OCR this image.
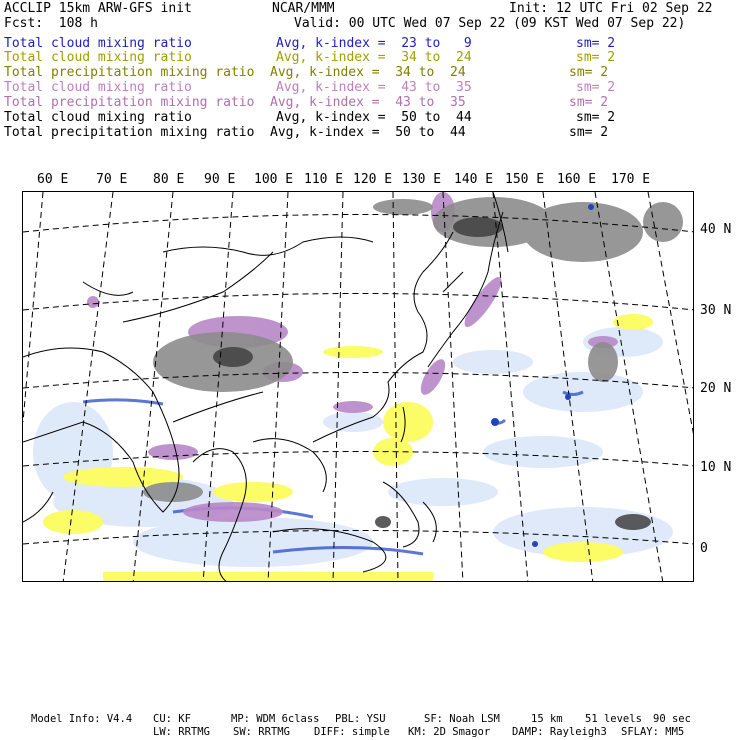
ACCLIP 15km ARW-GFS init	NCAR/MMM	Init: 12 UTC Fri 02 Sep 22
Fcst:  108 h	Valid: 00 UTC Wed 07 Sep 22 (09 KST Wed 07 Sep 22)
Total cloud mixing ratio	Avg, k-index =  23 to   9	sm= 2
Total cloud mixing ratio	Avg, k-index =  34 to  24	sm= 2
Total precipitation mixing ratio Avg, k-index =  34 to  24	sm= 2
Total cloud mixing ratio	Avg, k-index =  43 to  35	sm= 2
Total precipitation mixing ratio Avg, k-index =  43 to  35	sm= 2
Total cloud mixing ratio	Avg, k-index =  50 to  44	sm= 2
Total precipitation mixing ratio Avg, k-index =  50 to  44	sm= 2
60 E 70 E 80 E 90 E 100 E 110 E 120 E 130 E 140 E 150 E 160 E 170 E
40 N
30 N
20 N
10 N
0
Model Info: V4.4 CU: KF	MP: WDM 6class PBL: YSU	SF: Noah LSM	15 km 51 levels 90 sec
LW: RRTMG SW: RRTMG DIFF: simple KM: 2D Smagor DAMP: Rayleigh3 SFLAY: MM5
